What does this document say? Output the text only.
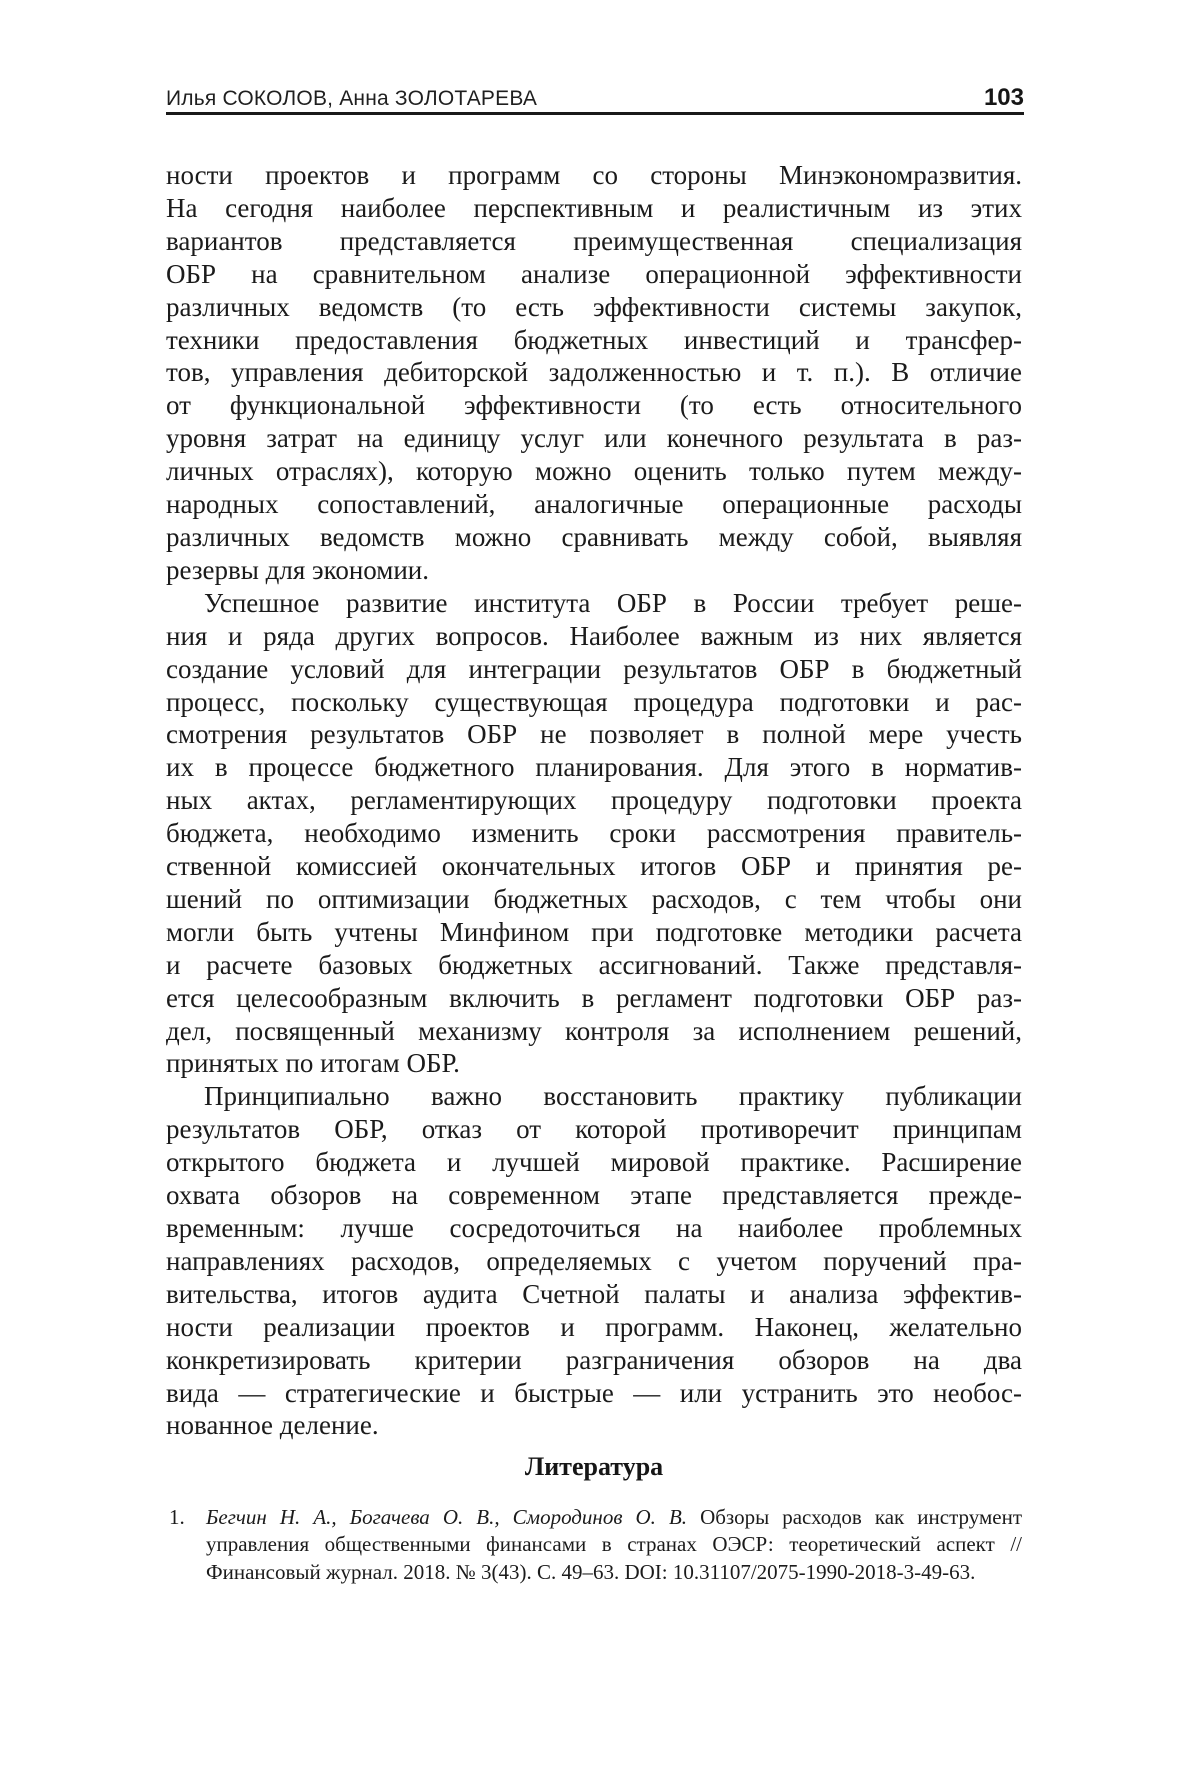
Илья СОКОЛОВ, Анна ЗОЛОТАРЕВА	103
ности проектов и программ со стороны Минэкономразвития.
На сегодня наиболее перспективным и реалистичным из этих
вариантов представляется преимущественная специализация
ОБР на сравнительном анализе операционной эффективности
различных ведомств (то есть эффективности системы закупок,
техники предоставления бюджетных инвестиций и трансфер-
тов, управления дебиторской задолженностью и т. п.). В отличие
от функциональной эффективности (то есть относительного
уровня затрат на единицу услуг или конечного результата в раз-
личных отраслях), которую можно оценить только путем между-
народных сопоставлений, аналогичные операционные расходы
различных ведомств можно сравнивать между собой, выявляя
резервы для экономии.
Успешное развитие института ОБР в России требует реше-
ния и ряда других вопросов. Наиболее важным из них является
создание условий для интеграции результатов ОБР в бюджетный
процесс, поскольку существующая процедура подготовки и рас-
смотрения результатов ОБР не позволяет в полной мере учесть
их в процессе бюджетного планирования. Для этого в норматив-
ных актах, регламентирующих процедуру подготовки проекта
бюджета, необходимо изменить сроки рассмотрения правитель-
ственной комиссией окончательных итогов ОБР и принятия ре-
шений по оптимизации бюджетных расходов, с тем чтобы они
могли быть учтены Минфином при подготовке методики расчета
и расчете базовых бюджетных ассигнований. Также представля-
ется целесообразным включить в регламент подготовки ОБР раз-
дел, посвященный механизму контроля за исполнением решений,
принятых по итогам ОБР.
Принципиально важно восстановить практику публикации
результатов ОБР, отказ от которой противоречит принципам
открытого бюджета и лучшей мировой практике. Расширение
охвата обзоров на современном этапе представляется прежде-
временным: лучше сосредоточиться на наиболее проблемных
направлениях расходов, определяемых с учетом поручений пра-
вительства, итогов аудита Счетной палаты и анализа эффектив-
ности реализации проектов и программ. Наконец, желательно
конкретизировать критерии разграничения обзоров на два
вида — стратегические и быстрые — или устранить это необос-
нованное деление.
Литература
1. Бегчин Н. А., Богачева О. В., Смородинов О. В. Обзоры расходов как инструмент
управления общественными финансами в странах ОЭСР: теоретический аспект //
Финансовый журнал. 2018. № 3(43). С. 49–63. DOI: 10.31107/2075-1990-2018-3-49-63.
